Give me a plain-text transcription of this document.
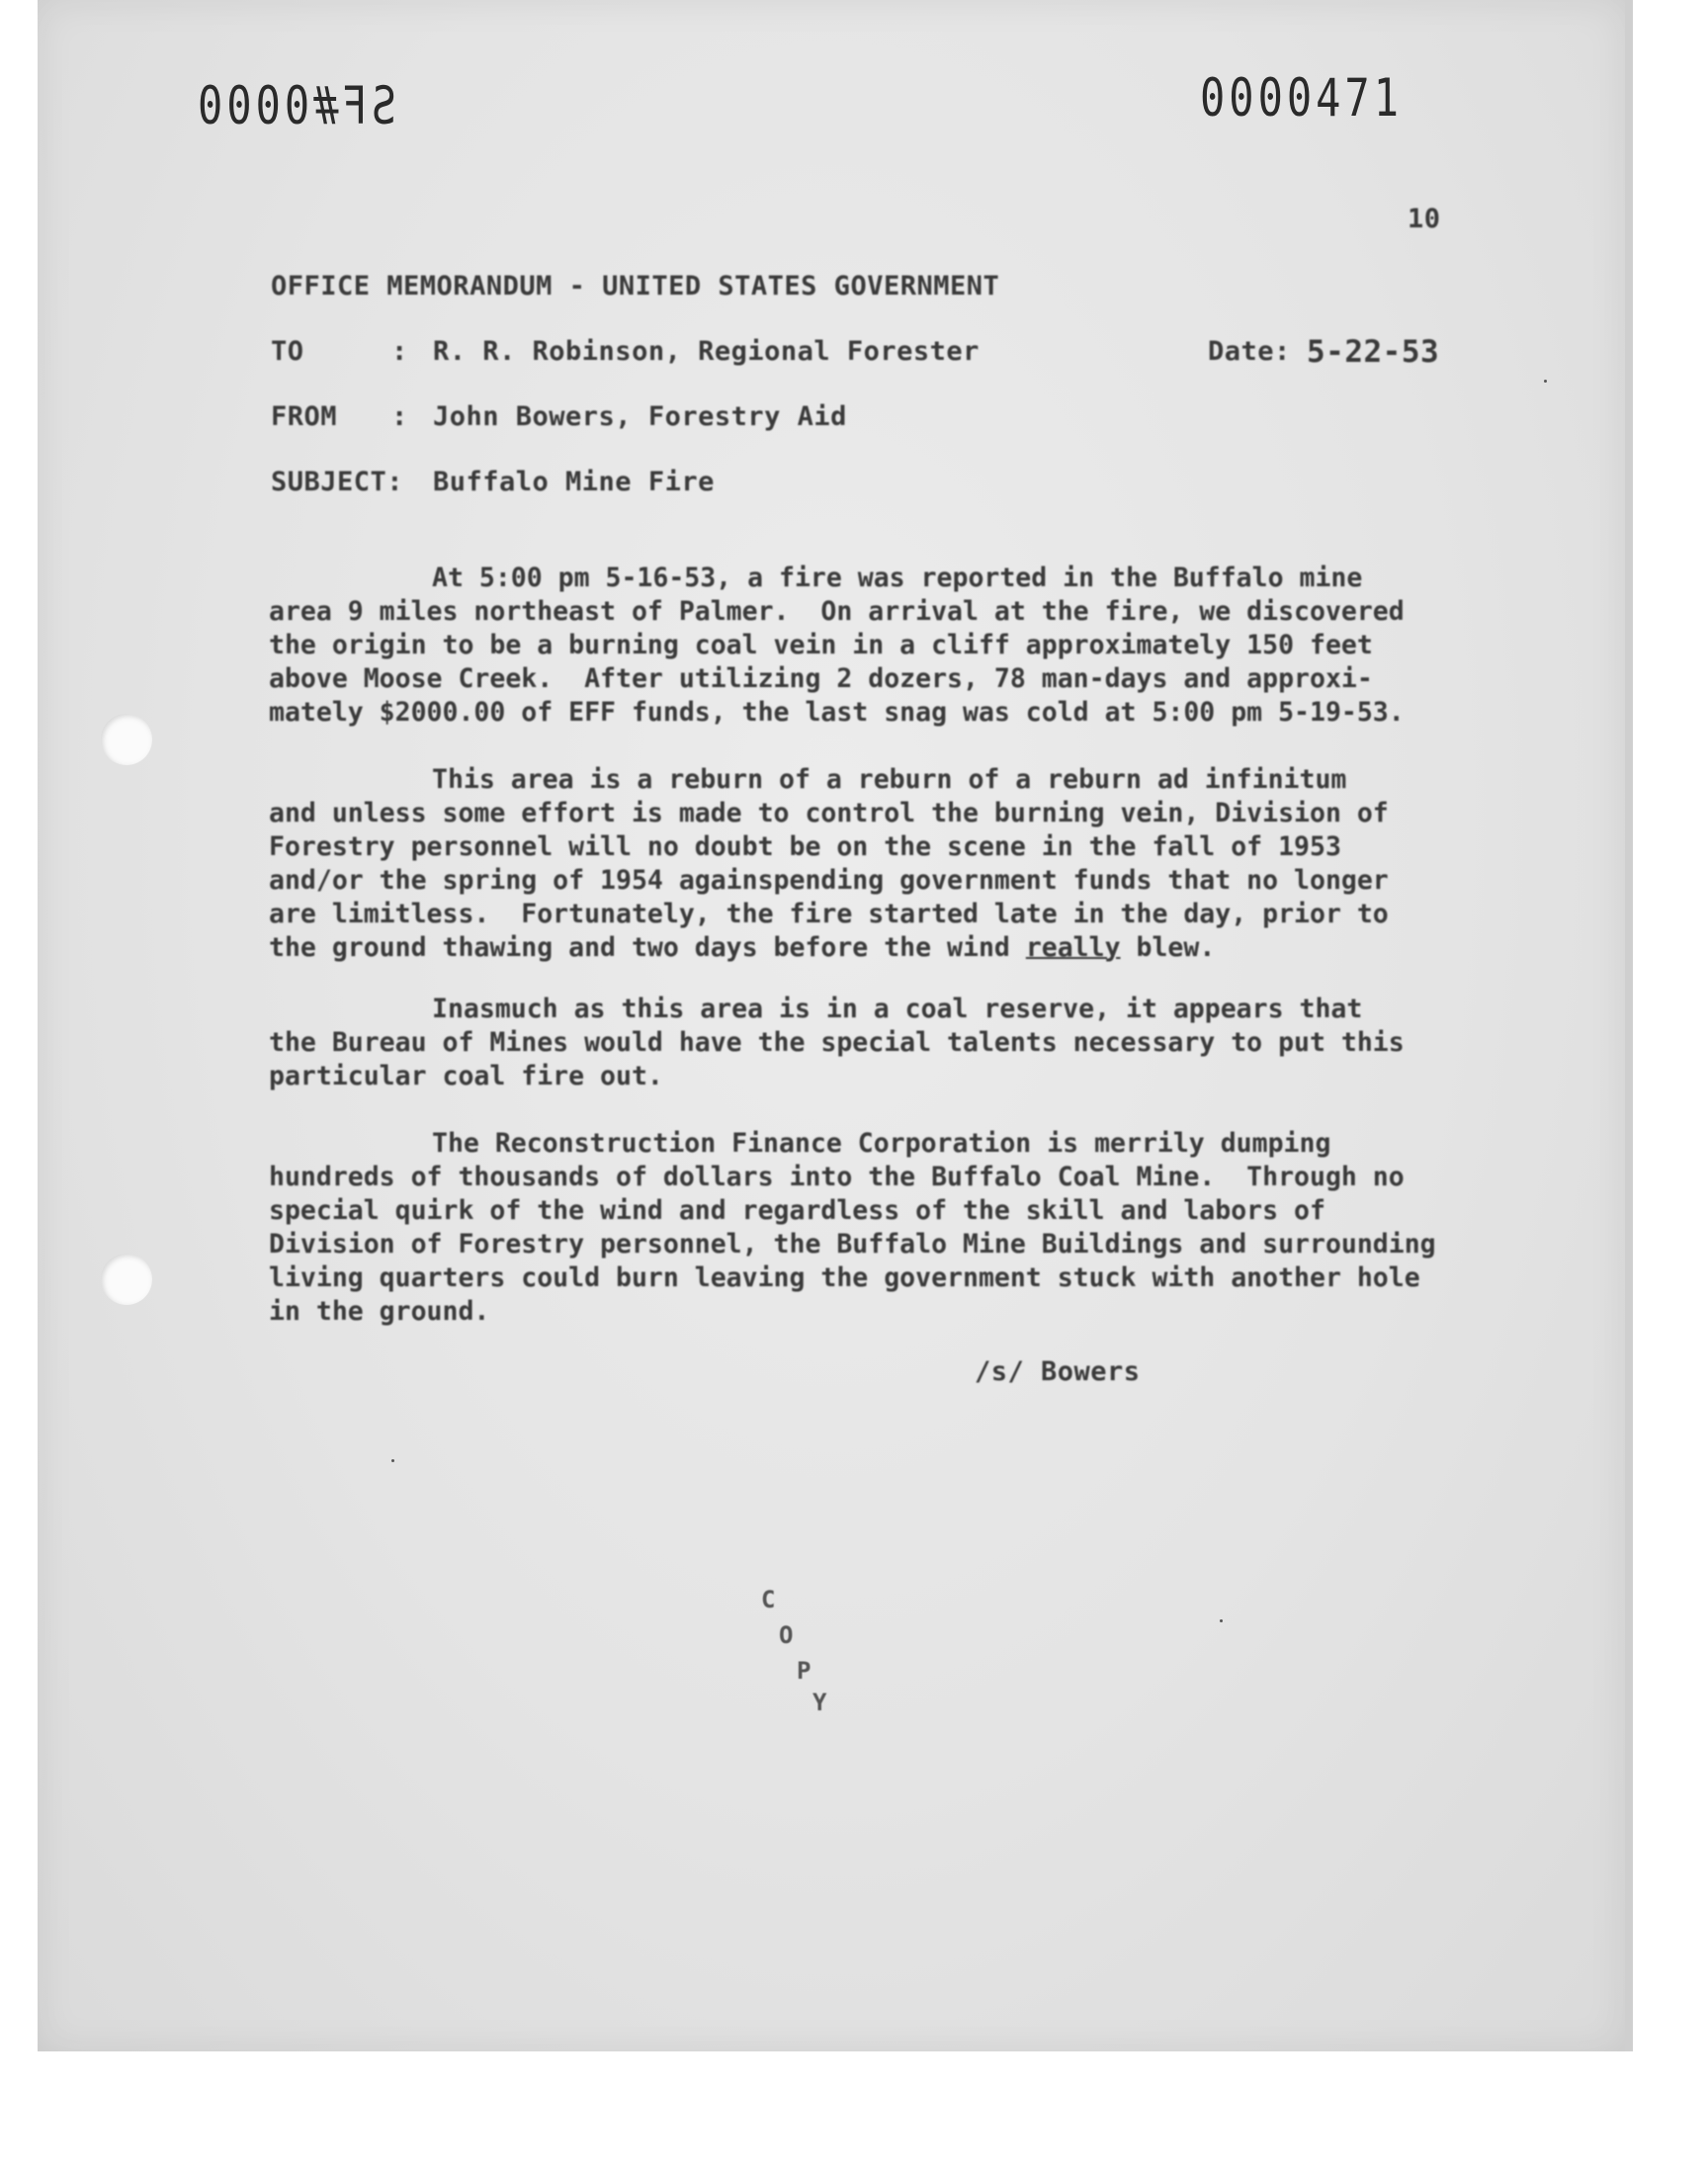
SF#0000	0000471
10
OFFICE MEMORANDUM - UNITED STATES GOVERNMENT
TO	: R. R. Robinson, Regional Forester	Date: 5-22-53
FROM : John Bowers, Forestry Aid
SUBJECT: Buffalo Mine Fire
At 5:00 pm 5-16-53, a fire was reported in the Buffalo mine
area 9 miles northeast of Palmer.  On arrival at the fire, we discovered
the origin to be a burning coal vein in a cliff approximately 150 feet
above Moose Creek.  After utilizing 2 dozers, 78 man-days and approxi-
mately $2000.00 of EFF funds, the last snag was cold at 5:00 pm 5-19-53.
This area is a reburn of a reburn of a reburn ad infinitum
and unless some effort is made to control the burning vein, Division of
Forestry personnel will no doubt be on the scene in the fall of 1953
and/or the spring of 1954 againspending government funds that no longer
are limitless.  Fortunately, the fire started late in the day, prior to
the ground thawing and two days before the wind really blew.
Inasmuch as this area is in a coal reserve, it appears that
the Bureau of Mines would have the special talents necessary to put this
particular coal fire out.
The Reconstruction Finance Corporation is merrily dumping
hundreds of thousands of dollars into the Buffalo Coal Mine.  Through no
special quirk of the wind and regardless of the skill and labors of
Division of Forestry personnel, the Buffalo Mine Buildings and surrounding
living quarters could burn leaving the government stuck with another hole
in the ground.
/s/ Bowers
C
O
P
Y
